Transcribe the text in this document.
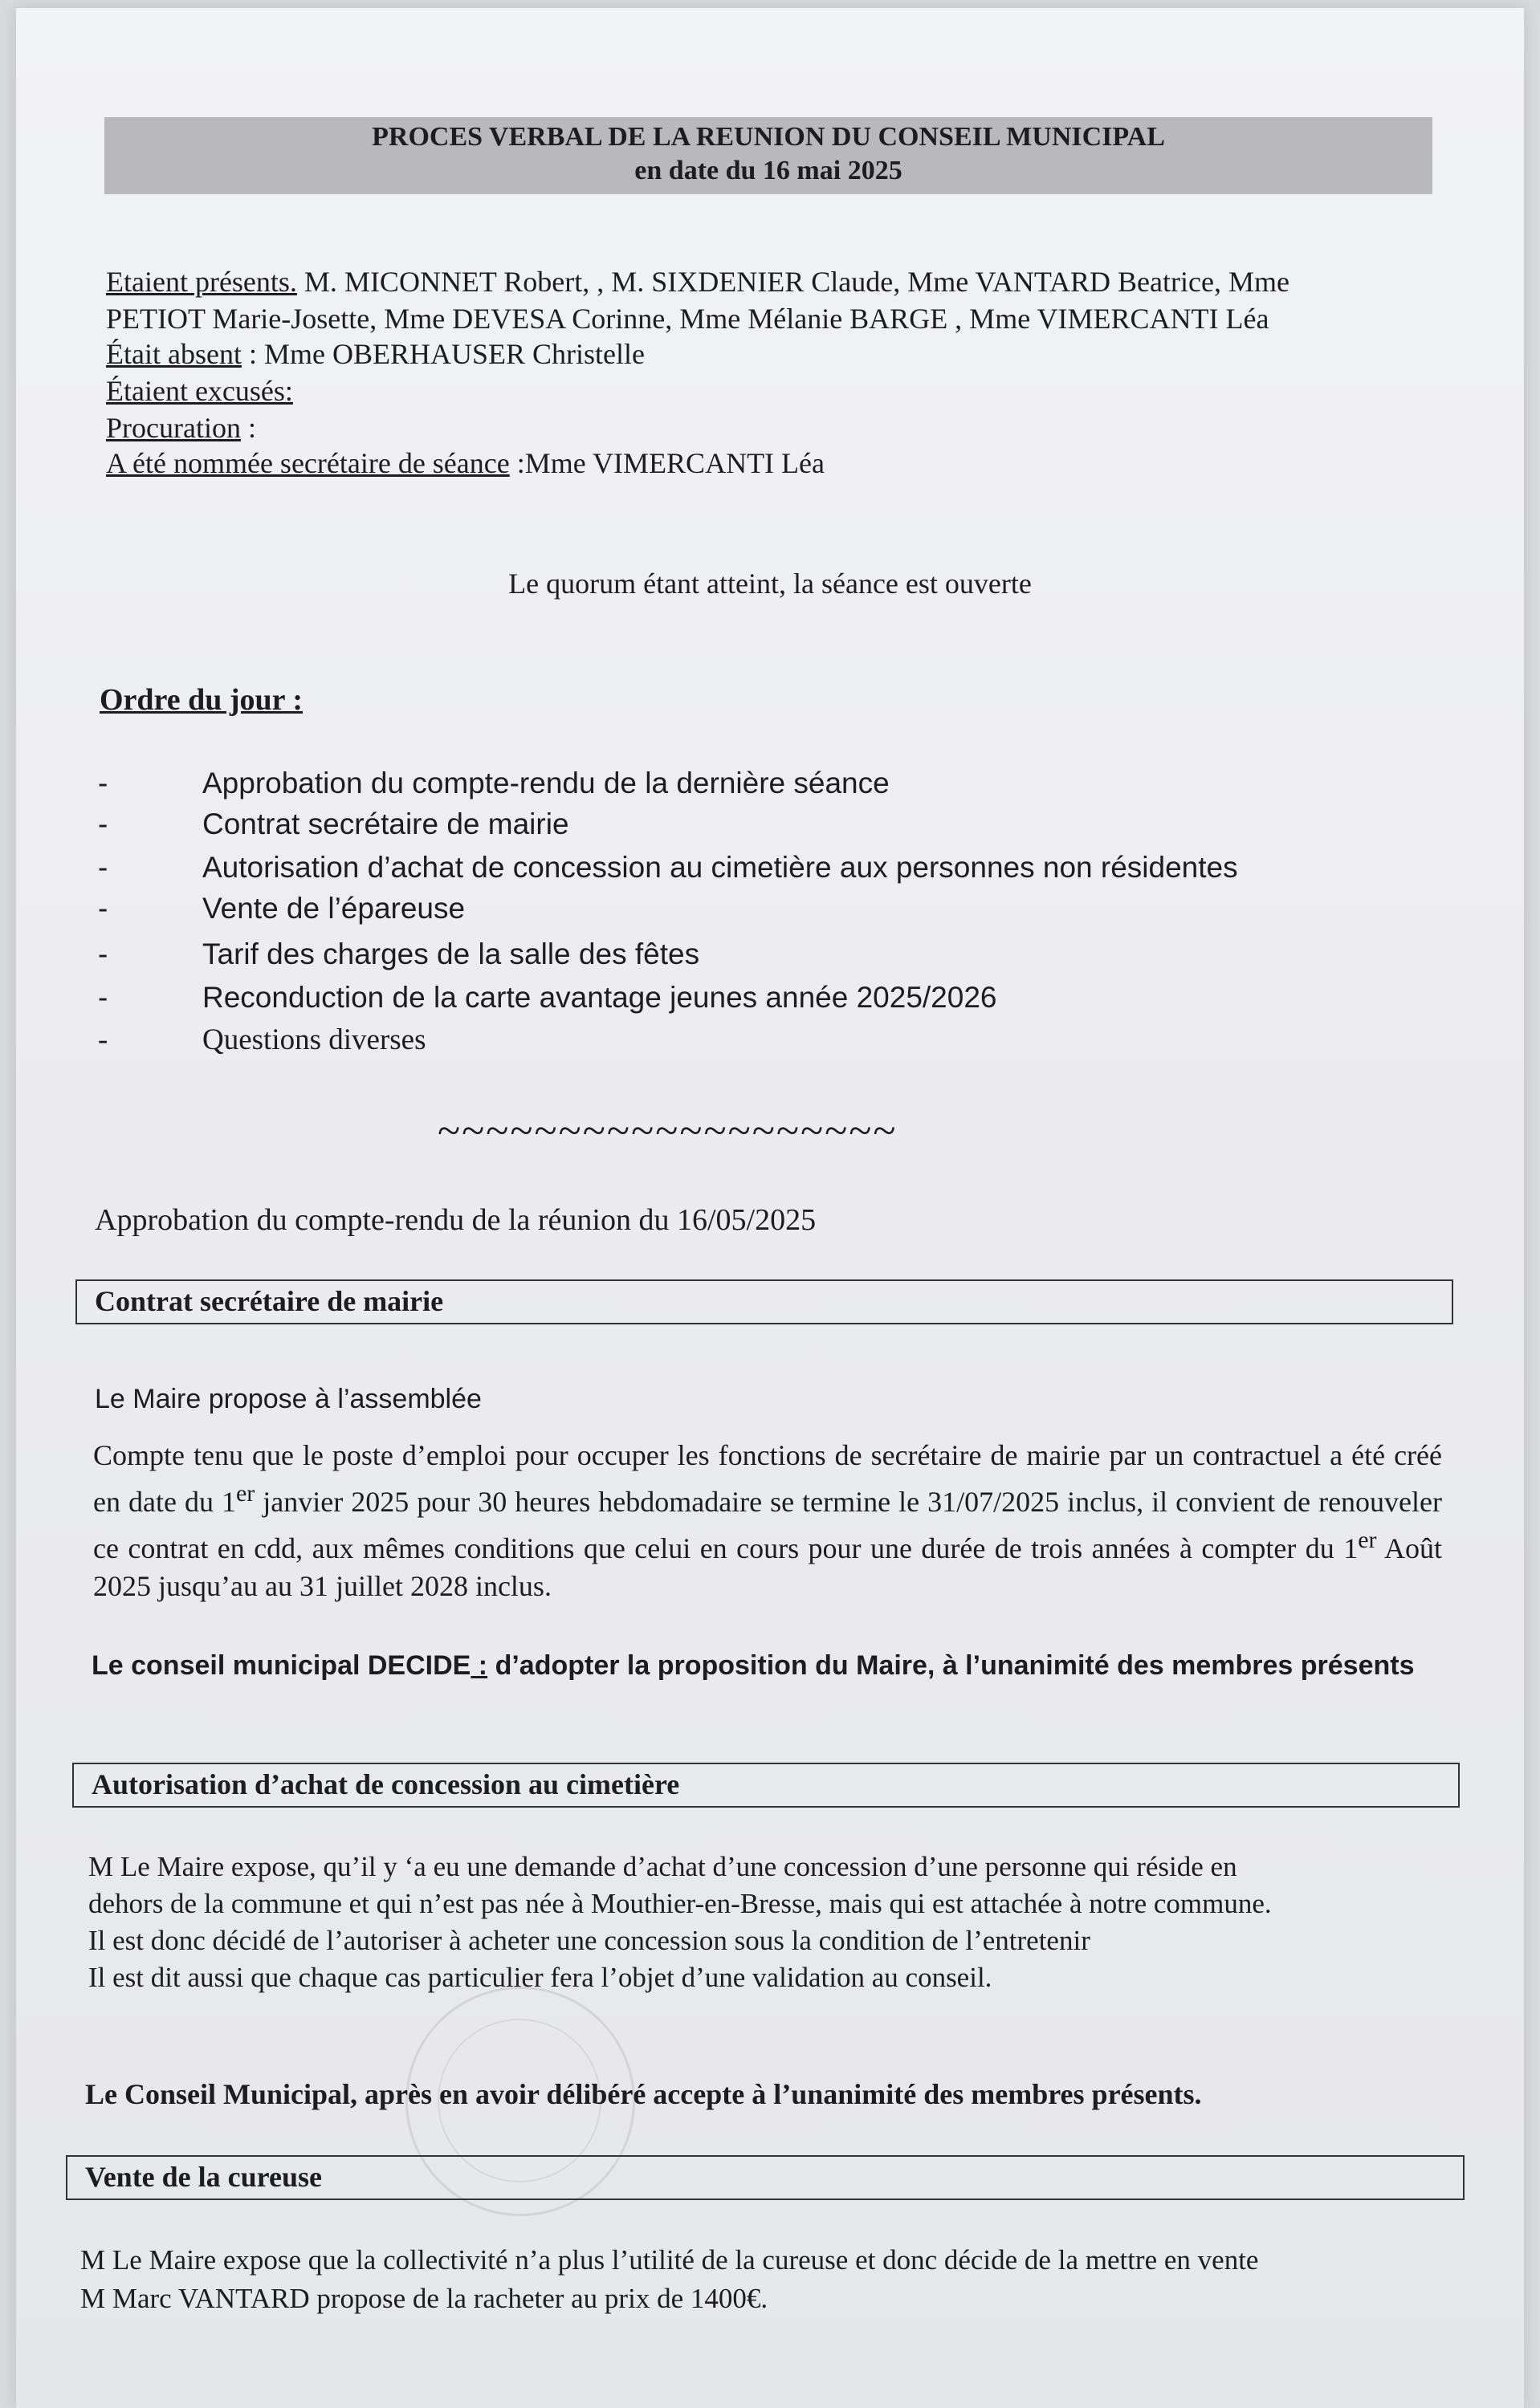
PROCES VERBAL DE LA REUNION DU CONSEIL MUNICIPAL
en date du 16 mai 2025
Etaient présents. M. MICONNET Robert, , M. SIXDENIER Claude, Mme VANTARD Beatrice, Mme
PETIOT Marie-Josette, Mme DEVESA Corinne, Mme Mélanie BARGE , Mme VIMERCANTI Léa
Était absent : Mme OBERHAUSER Christelle
Étaient excusés:
Procuration :
A été nommée secrétaire de séance :Mme VIMERCANTI Léa
Le quorum étant atteint, la séance est ouverte
Ordre du jour :
-	Approbation du compte-rendu de la dernière séance
-	Contrat secrétaire de mairie
-	Autorisation d’achat de concession au cimetière aux personnes non résidentes
-	Vente de l’épareuse
-	Tarif des charges de la salle des fêtes
-	Reconduction de la carte avantage jeunes année 2025/2026
-	Questions diverses
~~~~~~~~~~~~~~~~~~~
Approbation du compte-rendu de la réunion du 16/05/2025
Contrat secrétaire de mairie
Le Maire propose à l’assemblée
Compte tenu que le poste d’emploi pour occuper les fonctions de secrétaire de mairie par un contractuel a été créé en date du 1er janvier 2025 pour 30 heures hebdomadaire se termine le 31/07/2025 inclus, il convient de renouveler ce contrat en cdd, aux mêmes conditions que celui en cours pour une durée de trois années à compter du 1er Août 2025 jusqu’au au 31 juillet 2028 inclus.
Le conseil municipal DECIDE : d’adopter la proposition du Maire, à l’unanimité des membres présents
Autorisation d’achat de concession au cimetière
M Le Maire expose, qu’il y ‘a eu une demande d’achat d’une concession d’une personne qui réside en
dehors de la commune et qui n’est pas née à Mouthier-en-Bresse, mais qui est attachée à notre commune.
Il est donc décidé de l’autoriser à acheter une concession sous la condition de l’entretenir
Il est dit aussi que chaque cas particulier fera l’objet d’une validation au conseil.
Le Conseil Municipal, après en avoir délibéré accepte à l’unanimité des membres présents.
Vente de la cureuse
M Le Maire expose que la collectivité n’a plus l’utilité de la cureuse et donc décide de la mettre en vente
M Marc VANTARD propose de la racheter au prix de 1400€.
